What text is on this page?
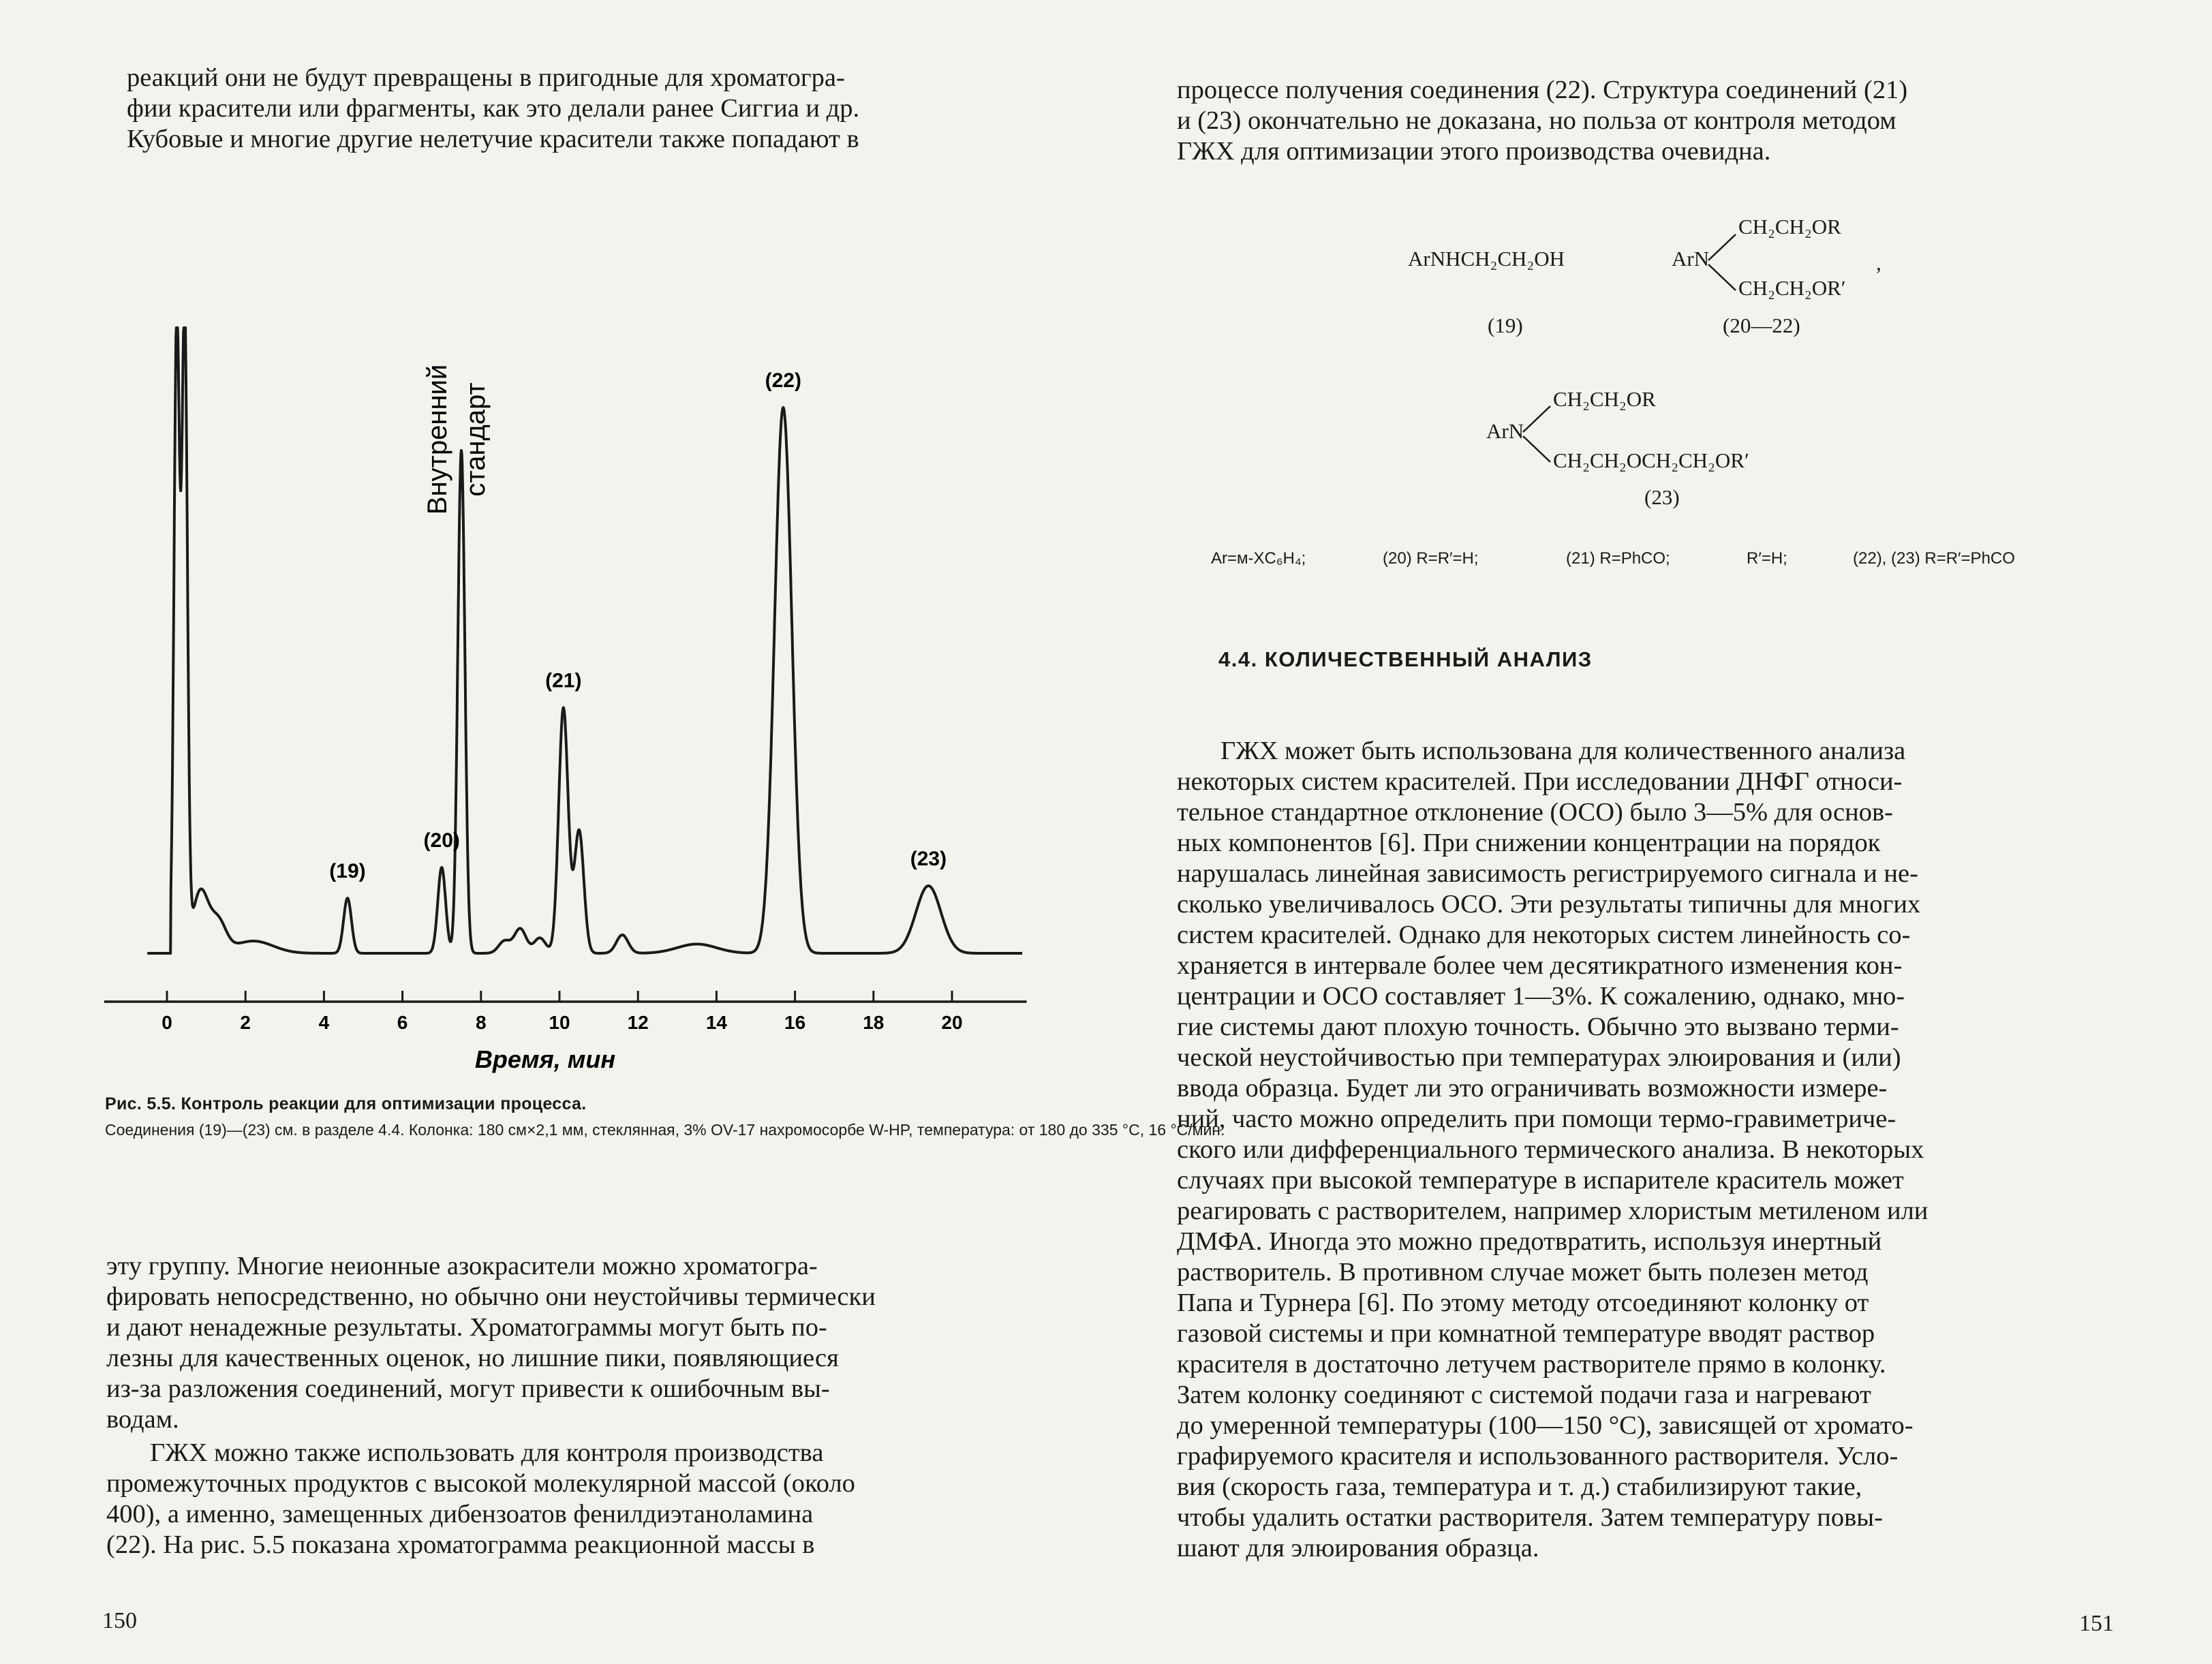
реакций они не будут превращены в пригодные для хроматогра-
фии красители или фрагменты, как это делали ранее Сиггиа и др.
Кубовые и многие другие нелетучие красители также попадают в
0	2	4	6	8	10	12	14	16	18	20
(19)
(20)
Внутренний стандарт
(21)
(22)
(23)
Время, мин
Рис. 5.5. Контроль реакции для оптимизации процесса.
Соединения (19)—(23) см. в разделе 4.4. Колонка: 180 см×2,1 мм, стеклянная, 3% OV-17 нахромосорбе W-HP, температура: от 180 до 335 °C, 16 °C/мин.
эту группу. Многие неионные азокрасители можно хроматогра-
фировать непосредственно, но обычно они неустойчивы термически
и дают ненадежные результаты. Хроматограммы могут быть по-
лезны для качественных оценок, но лишние пики, появляющиеся
из-за разложения соединений, могут привести к ошибочным вы-
водам.
ГЖХ можно также использовать для контроля производства
промежуточных продуктов с высокой молекулярной массой (около
400), а именно, замещенных дибензоатов фенилдиэтаноламина
(22). На рис. 5.5 показана хроматограмма реакционной массы в
150
процессе получения соединения (22). Структура соединений (21)
и (23) окончательно не доказана, но польза от контроля методом
ГЖХ для оптимизации этого производства очевидна.
ArNHCH₂CH₂OH
(19)
ArN
CH₂CH₂OR
CH₂CH₂OR′
,
(20—22)
ArN
CH₂CH₂OR
CH₂CH₂OCH₂CH₂OR′
(23)
Ar=м-XC₆H₄;	(20) R=R′=H;	(21) R=PhCO;	R′=H;	(22), (23) R=R′=PhCO
4.4. КОЛИЧЕСТВЕННЫЙ АНАЛИЗ
ГЖХ может быть использована для количественного анализа
некоторых систем красителей. При исследовании ДНФГ относи-
тельное стандартное отклонение (ОСО) было 3—5% для основ-
ных компонентов [6]. При снижении концентрации на порядок
нарушалась линейная зависимость регистрируемого сигнала и не-
сколько увеличивалось ОСО. Эти результаты типичны для многих
систем красителей. Однако для некоторых систем линейность со-
храняется в интервале более чем десятикратного изменения кон-
центрации и ОСО составляет 1—3%. К сожалению, однако, мно-
гие системы дают плохую точность. Обычно это вызвано терми-
ческой неустойчивостью при температурах элюирования и (или)
ввода образца. Будет ли это ограничивать возможности измере-
ний, часто можно определить при помощи термо-гравиметриче-
ского или дифференциального термического анализа. В некоторых
случаях при высокой температуре в испарителе краситель может
реагировать с растворителем, например хлористым метиленом или
ДМФА. Иногда это можно предотвратить, используя инертный
растворитель. В противном случае может быть полезен метод
Папа и Турнера [6]. По этому методу отсоединяют колонку от
газовой системы и при комнатной температуре вводят раствор
красителя в достаточно летучем растворителе прямо в колонку.
Затем колонку соединяют с системой подачи газа и нагревают
до умеренной температуры (100—150 °C), зависящей от хромато-
графируемого красителя и использованного растворителя. Усло-
вия (скорость газа, температура и т. д.) стабилизируют такие,
чтобы удалить остатки растворителя. Затем температуру повы-
шают для элюирования образца.
151
